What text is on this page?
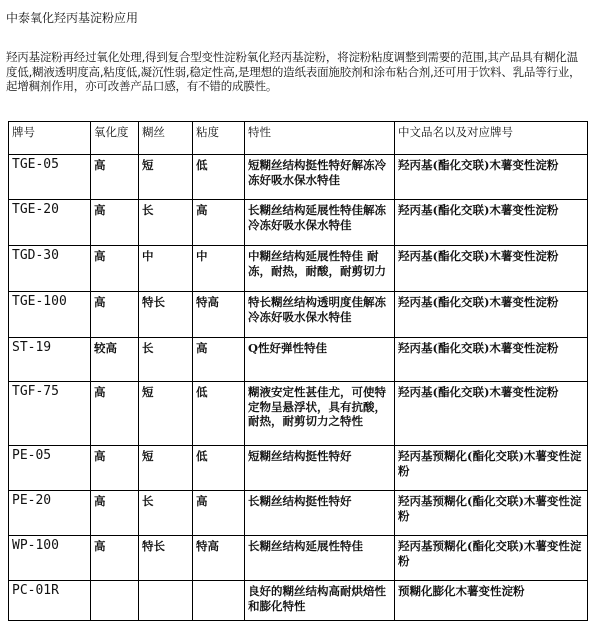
中泰氧化羟丙基淀粉应用
羟丙基淀粉再经过氧化处理,得到复合型变性淀粉氧化羟丙基淀粉，将淀粉粘度调整到需要的范围,其产品具有糊化温度低,糊液透明度高,粘度低,凝沉性弱,稳定性高,是理想的造纸表面施胶剂和涂布粘合剂,还可用于饮料、乳品等行业，起增稠剂作用，亦可改善产品口感，有不错的成膜性。
牌号	氧化度	糊丝	粘度	特性	中文品名以及对应牌号
TGE-05	高	短	低	短糊丝结构挺性特好解冻冷冻好吸水保水特佳	羟丙基(酯化交联)木薯变性淀粉
TGE-20	高	长	高	长糊丝结构延展性特佳解冻冷冻好吸水保水特佳	羟丙基(酯化交联)木薯变性淀粉
TGD-30	高	中	中	中糊丝结构延展性特佳 耐冻，耐热，耐酸，耐剪切力	羟丙基(酯化交联)木薯变性淀粉
TGE-100	高	特长	特高	特长糊丝结构透明度佳解冻冷冻好吸水保水特佳	羟丙基(酯化交联)木薯变性淀粉
ST-19	较高	长	高	Q性好弹性特佳	羟丙基(酯化交联)木薯变性淀粉
TGF-75	高	短	低	糊液安定性甚佳尤，可使特定物呈悬浮状，具有抗酸，耐热，耐剪切力之特性	羟丙基(酯化交联)木薯变性淀粉
PE-05	高	短	低	短糊丝结构挺性特好	羟丙基预糊化(酯化交联)木薯变性淀粉
PE-20	高	长	高	长糊丝结构挺性特好	羟丙基预糊化(酯化交联)木薯变性淀粉
WP-100	高	特长	特高	长糊丝结构延展性特佳	羟丙基预糊化(酯化交联)木薯变性淀粉
PC-01R				良好的糊丝结构高耐烘焙性和膨化特性	预糊化膨化木薯变性淀粉
